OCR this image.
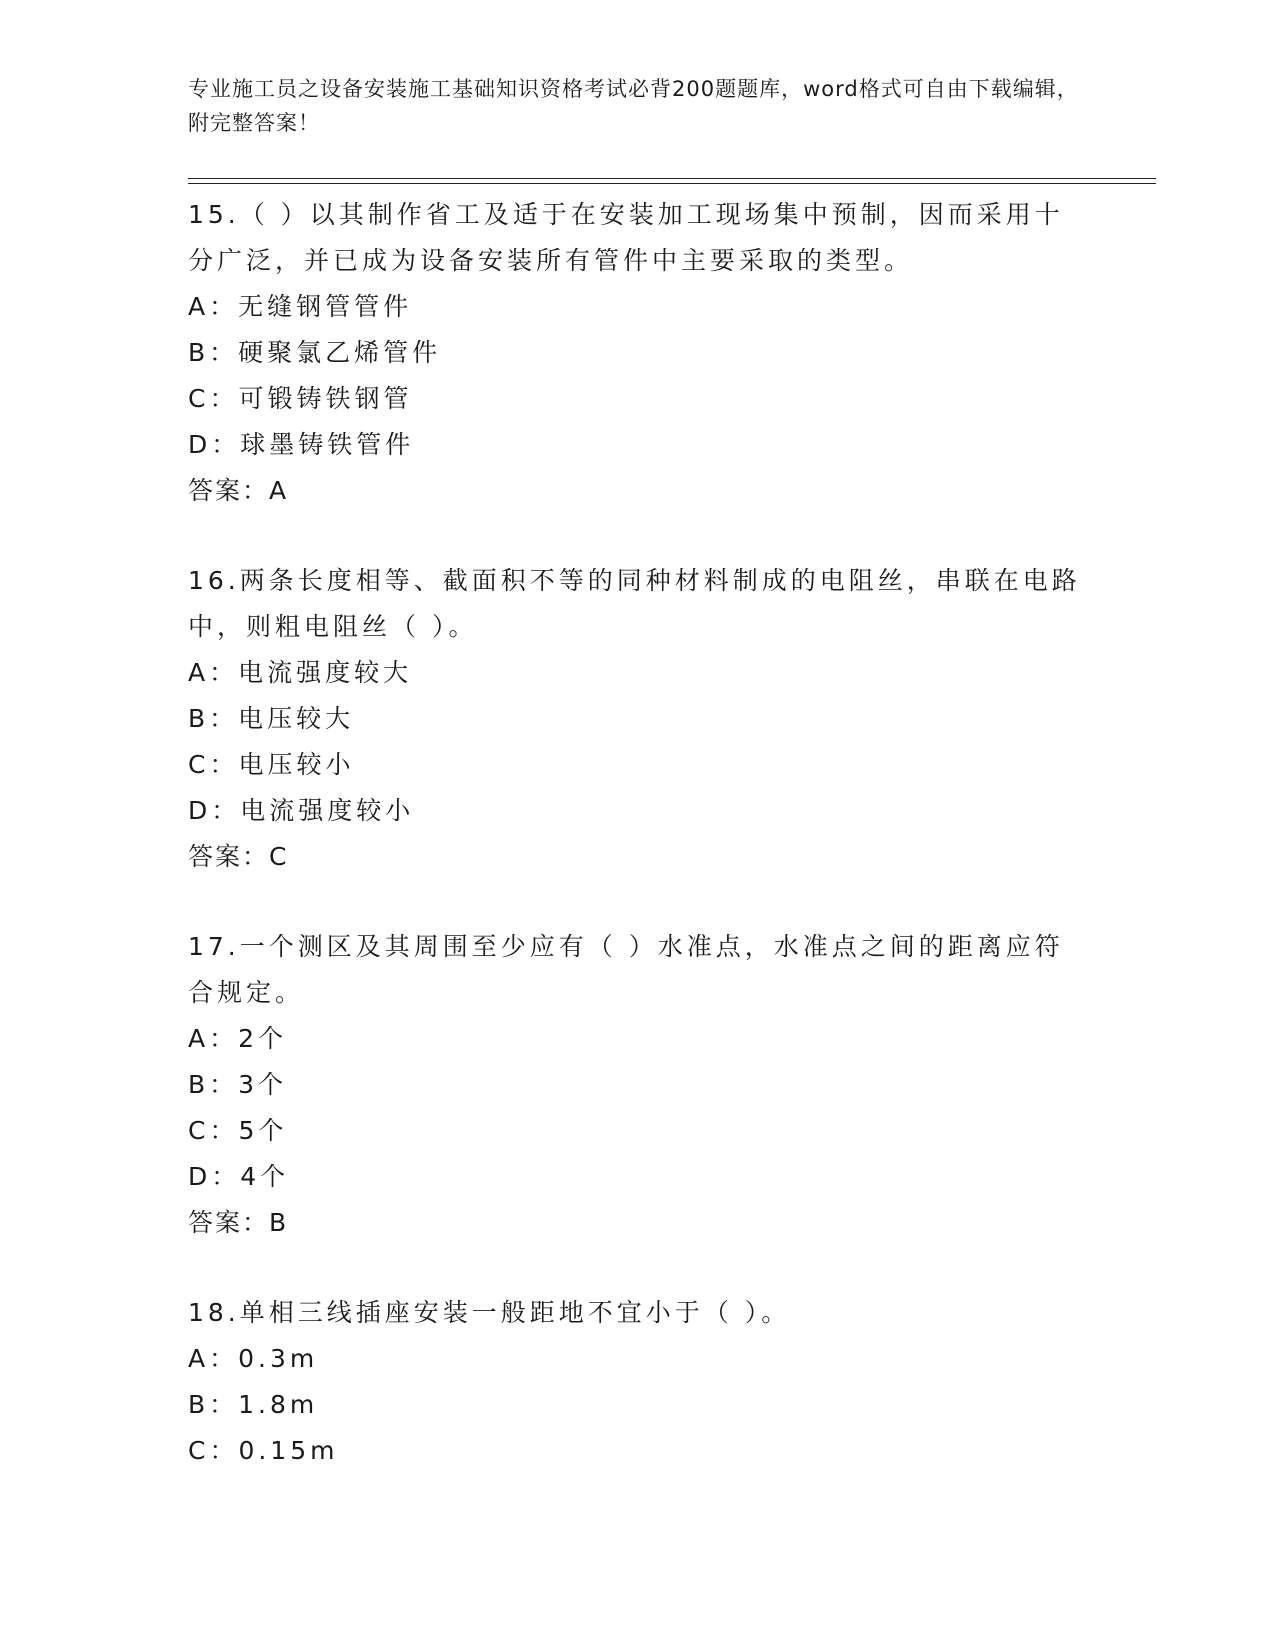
专业施工员之设备安装施工基础知识资格考试必背200题题库，word格式可自由下载编辑，附完整答案！

15.（ ）以其制作省工及适于在安装加工现场集中预制，因而采用十分广泛，并已成为设备安装所有管件中主要采取的类型。

A：无缝钢管管件

B：硬聚氯乙烯管件

C：可锻铸铁钢管

D：球墨铸铁管件

答案：A

16.两条长度相等、截面积不等的同种材料制成的电阻丝，串联在电路中，则粗电阻丝（ ）。

A：电流强度较大

B：电压较大

C：电压较小

D：电流强度较小

答案：C

17.一个测区及其周围至少应有（ ）水准点，水准点之间的距离应符合规定。

A：2个

B：3个

C：5个

D：4个

答案：B

18.单相三线插座安装一般距地不宜小于（ ）。

A：0.3m

B：1.8m

C：0.15m
